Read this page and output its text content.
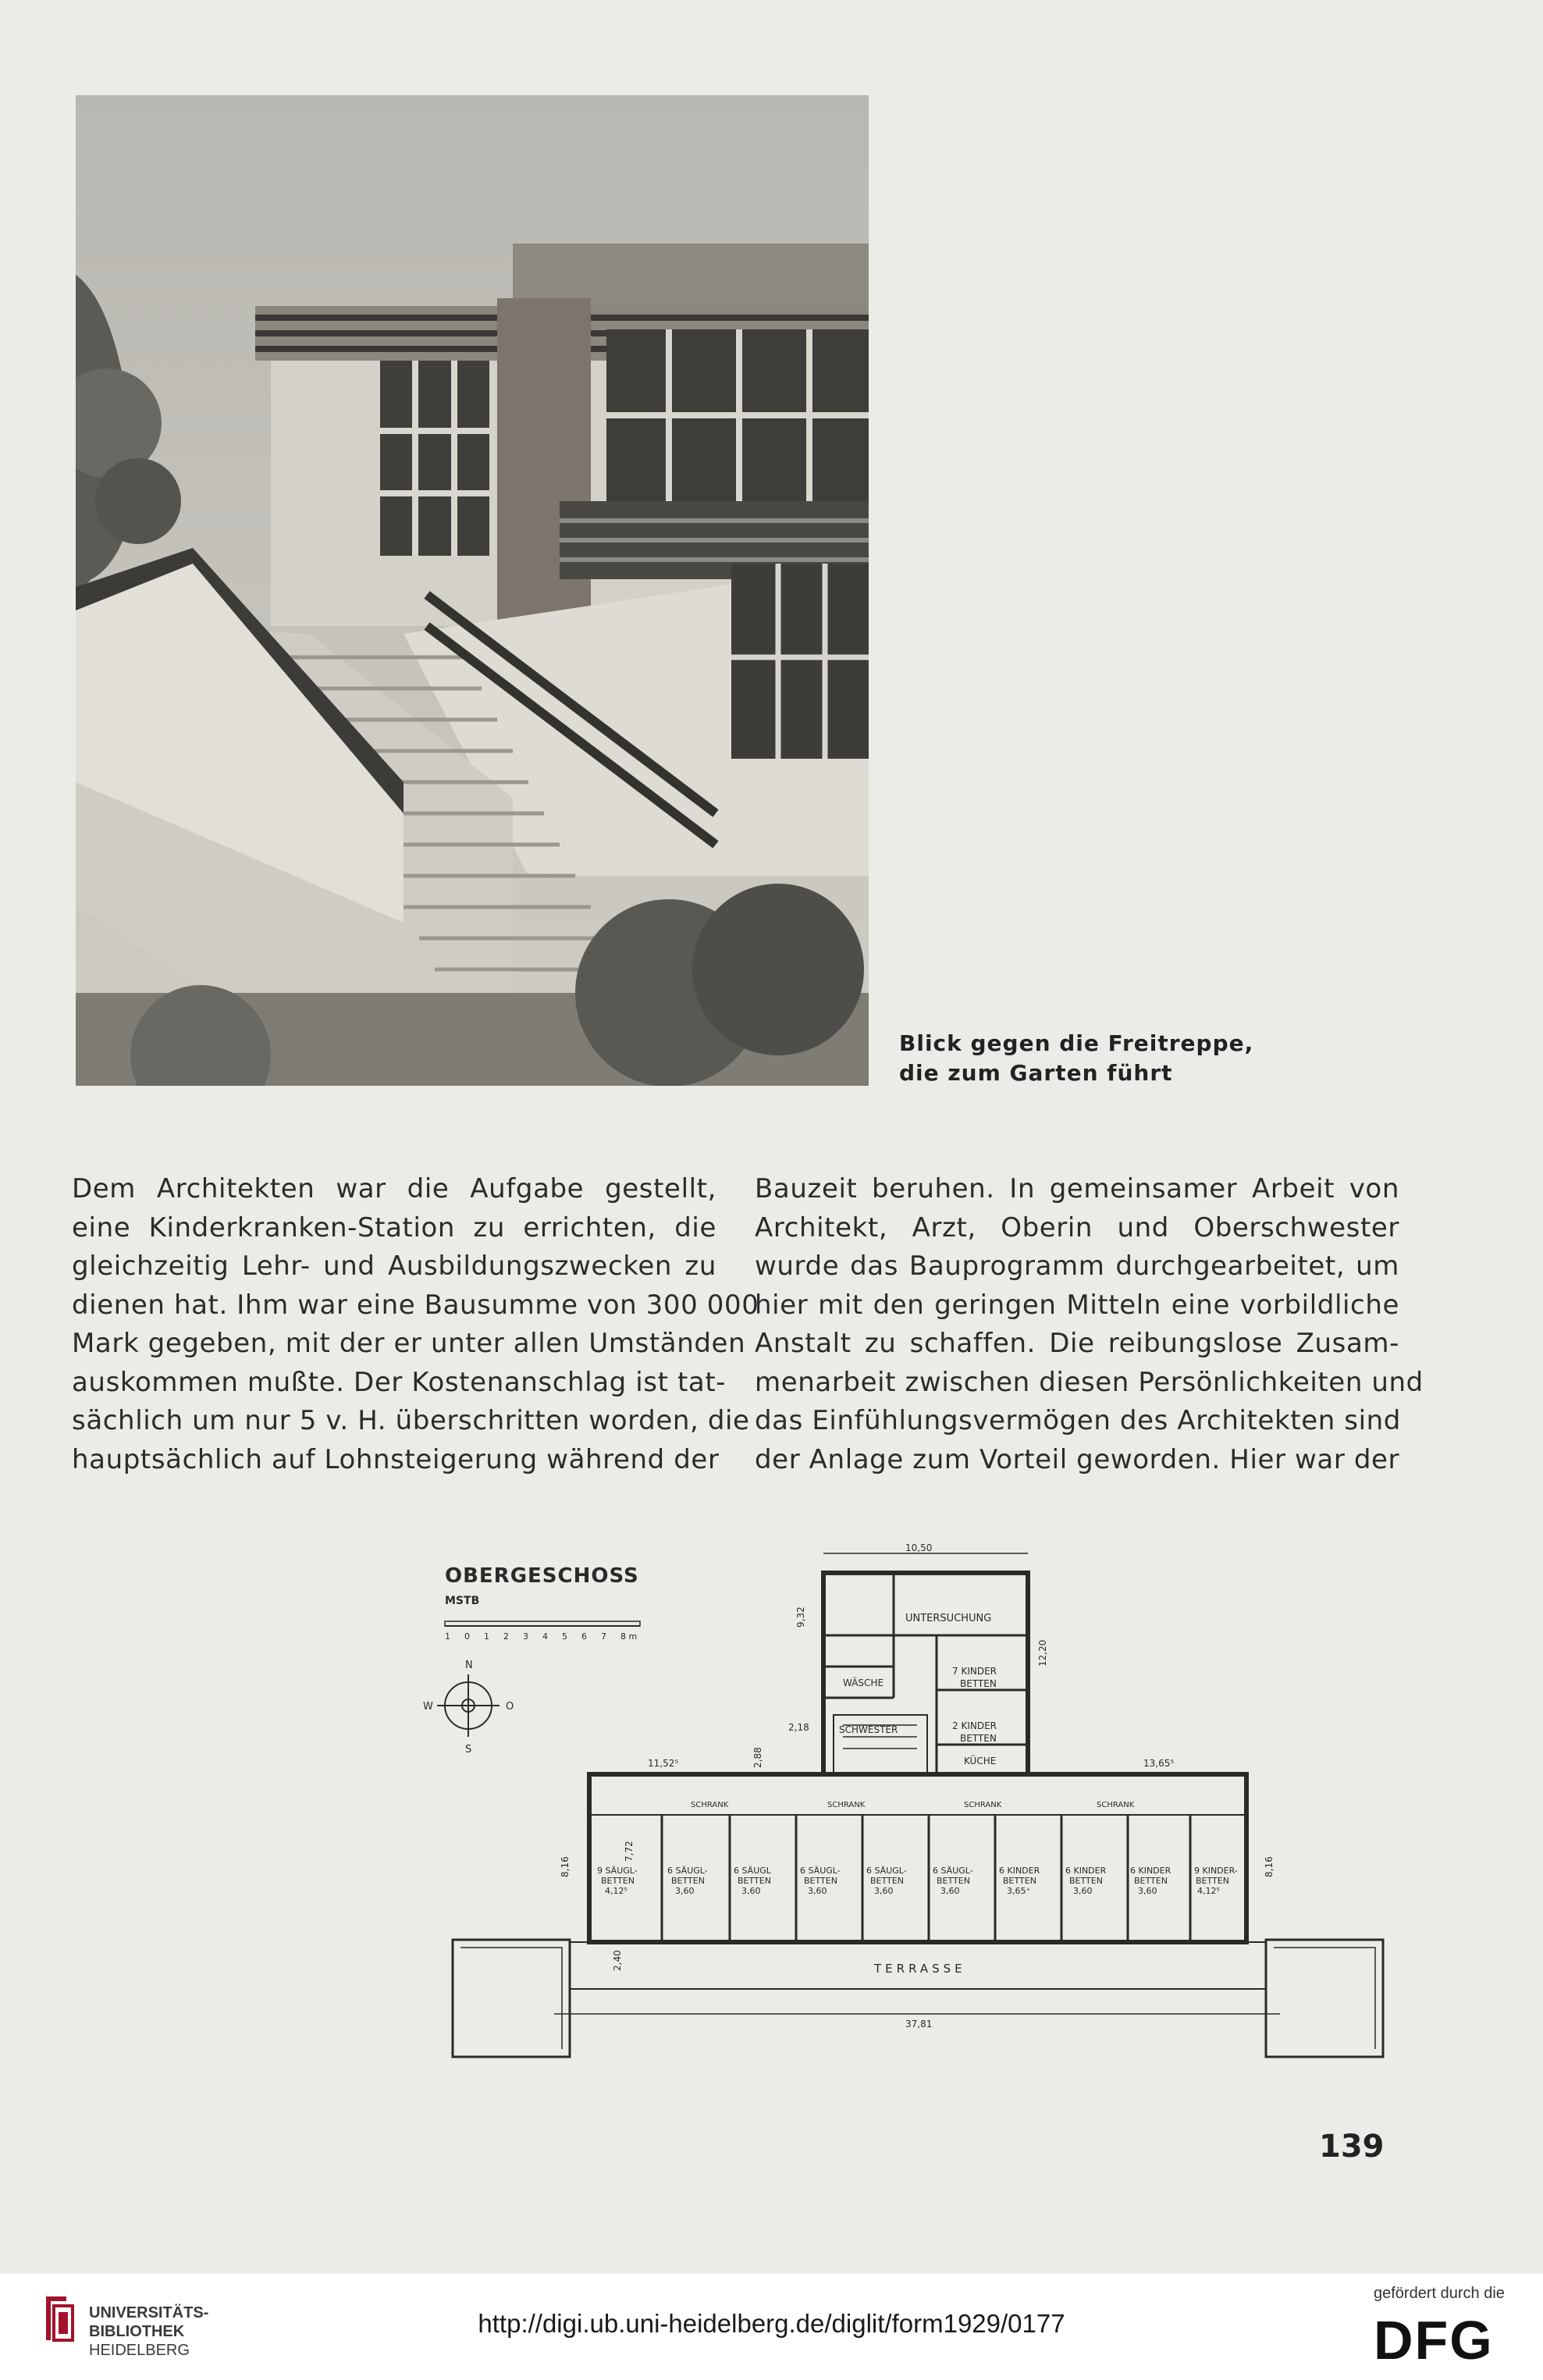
Blick gegen die Freitreppe,
die zum Garten führt
Dem Architekten war die Aufgabe gestellt,
eine Kinderkranken-Station zu errichten, die
gleichzeitig Lehr- und Ausbildungszwecken zu
dienen hat. Ihm war eine Bausumme von 300 000
Mark gegeben, mit der er unter allen Umständen
auskommen mußte. Der Kostenanschlag ist tat-
sächlich um nur 5 v. H. überschritten worden, die
hauptsächlich auf Lohnsteigerung während der
Bauzeit beruhen. In gemeinsamer Arbeit von
Architekt, Arzt, Oberin und Oberschwester
wurde das Bauprogramm durchgearbeitet, um
hier mit den geringen Mitteln eine vorbildliche
Anstalt zu schaffen. Die reibungslose Zusam-
menarbeit zwischen diesen Persönlichkeiten und
das Einfühlungsvermögen des Architekten sind
der Anlage zum Vorteil geworden. Hier war der
OBERGESCHOSS
MSTB
1 0 1 2 3 4 5 6 7 8 m
N
S
W	O
10,50
9,32
12,20
2,18
2,88
UNTERSUCHUNG
WÄSCHE
SCHWESTER
7 KINDER
BETTEN
2 KINDER
BETTEN
KÜCHE
SCHRANK	SCHRANK	SCHRANK	SCHRANK
11,52⁵	13,65⁵
8,16	8,16
7,72
2,40
9 SÄUGL-
BETTEN
4,12⁵
6 SÄUGL-
BETTEN
3,60
6 SÄUGL
BETTEN
3,60
6 SÄUGL-
BETTEN
3,60
6 SÄUGL-
BETTEN
3,60
6 SÄUGL-
BETTEN
3,60
6 KINDER
BETTEN
3,65⁺
6 KINDER
BETTEN
3,60
6 KINDER
BETTEN
3,60
9 KINDER-
BETTEN
4,12⁵
TERRASSE
37,81
139
UNIVERSITÄTS-
BIBLIOTHEK
HEIDELBERG
http://digi.ub.uni-heidelberg.de/diglit/form1929/0177
gefördert durch die
DFG
